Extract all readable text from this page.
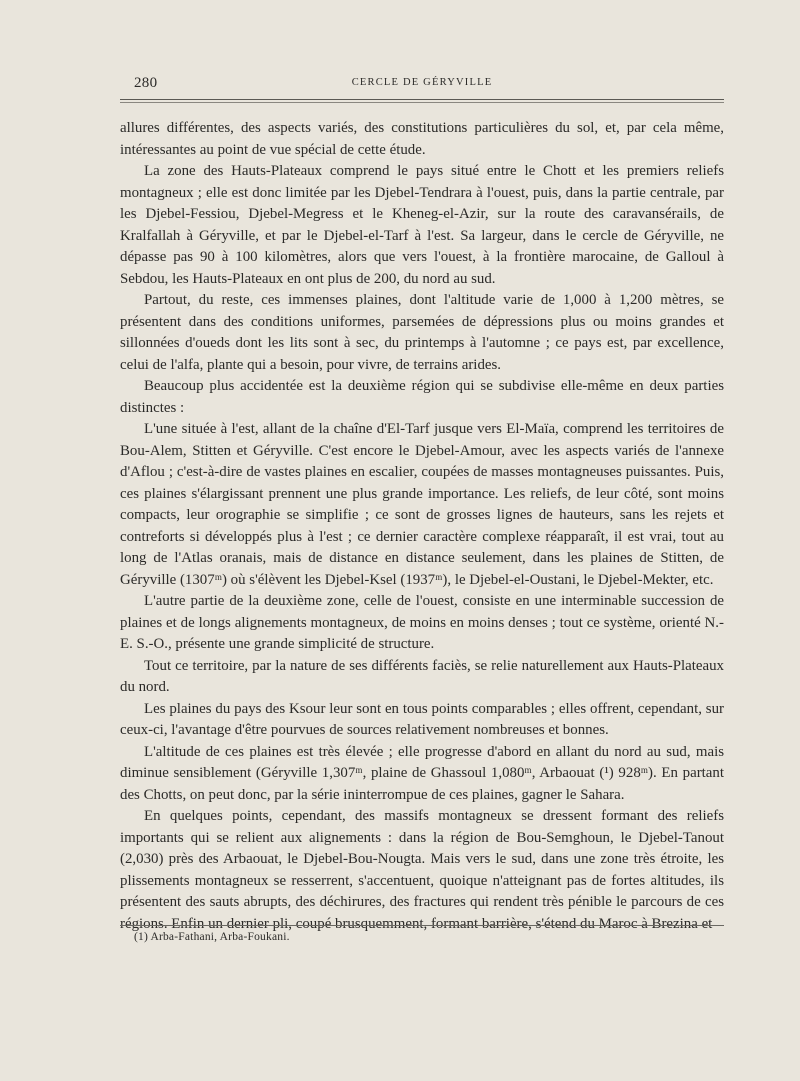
280	CERCLE DE GÉRYVILLE

allures différentes, des aspects variés, des constitutions particulières du sol, et, par cela même, intéressantes au point de vue spécial de cette étude.

La zone des Hauts-Plateaux comprend le pays situé entre le Chott et les premiers reliefs montagneux ; elle est donc limitée par les Djebel-Tendrara à l'ouest, puis, dans la partie centrale, par les Djebel-Fessiou, Djebel-Megress et le Kheneg-el-Azir, sur la route des caravansérails, de Kralfallah à Géryville, et par le Djebel-el-Tarf à l'est. Sa largeur, dans le cercle de Géryville, ne dépasse pas 90 à 100 kilomètres, alors que vers l'ouest, à la frontière marocaine, de Galloul à Sebdou, les Hauts-Plateaux en ont plus de 200, du nord au sud.

Partout, du reste, ces immenses plaines, dont l'altitude varie de 1,000 à 1,200 mètres, se présentent dans des conditions uniformes, parsemées de dépressions plus ou moins grandes et sillonnées d'oueds dont les lits sont à sec, du printemps à l'automne ; ce pays est, par excellence, celui de l'alfa, plante qui a besoin, pour vivre, de terrains arides.

Beaucoup plus accidentée est la deuxième région qui se subdivise elle-même en deux parties distinctes :

L'une située à l'est, allant de la chaîne d'El-Tarf jusque vers El-Maïa, comprend les territoires de Bou-Alem, Stitten et Géryville. C'est encore le Djebel-Amour, avec les aspects variés de l'annexe d'Aflou ; c'est-à-dire de vastes plaines en escalier, coupées de masses montagneuses puissantes. Puis, ces plaines s'élargissant prennent une plus grande importance. Les reliefs, de leur côté, sont moins compacts, leur orographie se simplifie ; ce sont de grosses lignes de hauteurs, sans les rejets et contreforts si développés plus à l'est ; ce dernier caractère complexe réapparaît, il est vrai, tout au long de l'Atlas oranais, mais de distance en distance seulement, dans les plaines de Stitten, de Géryville (1307ᵐ) où s'élèvent les Djebel-Ksel (1937ᵐ), le Djebel-el-Oustani, le Djebel-Mekter, etc.

L'autre partie de la deuxième zone, celle de l'ouest, consiste en une interminable succession de plaines et de longs alignements montagneux, de moins en moins denses ; tout ce système, orienté N.-E. S.-O., présente une grande simplicité de structure.

Tout ce territoire, par la nature de ses différents faciès, se relie naturellement aux Hauts-Plateaux du nord.

Les plaines du pays des Ksour leur sont en tous points comparables ; elles offrent, cependant, sur ceux-ci, l'avantage d'être pourvues de sources relativement nombreuses et bonnes.

L'altitude de ces plaines est très élevée ; elle progresse d'abord en allant du nord au sud, mais diminue sensiblement (Géryville 1,307ᵐ, plaine de Ghassoul 1,080ᵐ, Arbaouat (¹) 928ᵐ). En partant des Chotts, on peut donc, par la série ininterrompue de ces plaines, gagner le Sahara.

En quelques points, cependant, des massifs montagneux se dressent formant des reliefs importants qui se relient aux alignements : dans la région de Bou-Semghoun, le Djebel-Tanout (2,030) près des Arbaouat, le Djebel-Bou-Nougta. Mais vers le sud, dans une zone très étroite, les plissements montagneux se resserrent, s'accentuent, quoique n'atteignant pas de fortes altitudes, ils présentent des sauts abrupts, des déchirures, des fractures qui rendent très pénible le parcours de ces régions. Enfin un dernier pli, coupé brusquemment, formant barrière, s'étend du Maroc à Brezina et

(1) Arba-Fathani, Arba-Foukani.
